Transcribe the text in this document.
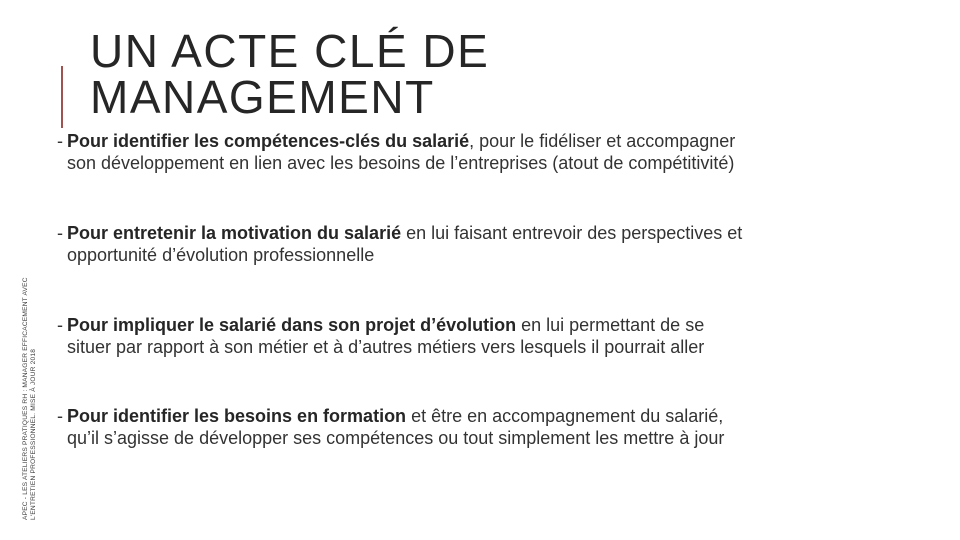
UN ACTE CLÉ DE
MANAGEMENT
APEC - LES ATELIERS PRATIQUES RH : MANAGER EFFICACEMENT AVEC L'ENTRETIEN PROFESSIONNEL. MISE À JOUR 2018
- Pour identifier les compétences-clés du salarié, pour le fidéliser et accompagner
son développement en lien avec les besoins de l’entreprises (atout de compétitivité)
- Pour entretenir la motivation du salarié en lui faisant entrevoir des perspectives et
opportunité d’évolution professionnelle
- Pour impliquer le salarié dans son projet d’évolution en lui permettant de se
situer par rapport à son métier et à d’autres métiers vers lesquels il pourrait aller
- Pour identifier les besoins en formation et être en accompagnement du salarié,
qu’il s’agisse de développer ses compétences ou tout simplement les mettre à jour
